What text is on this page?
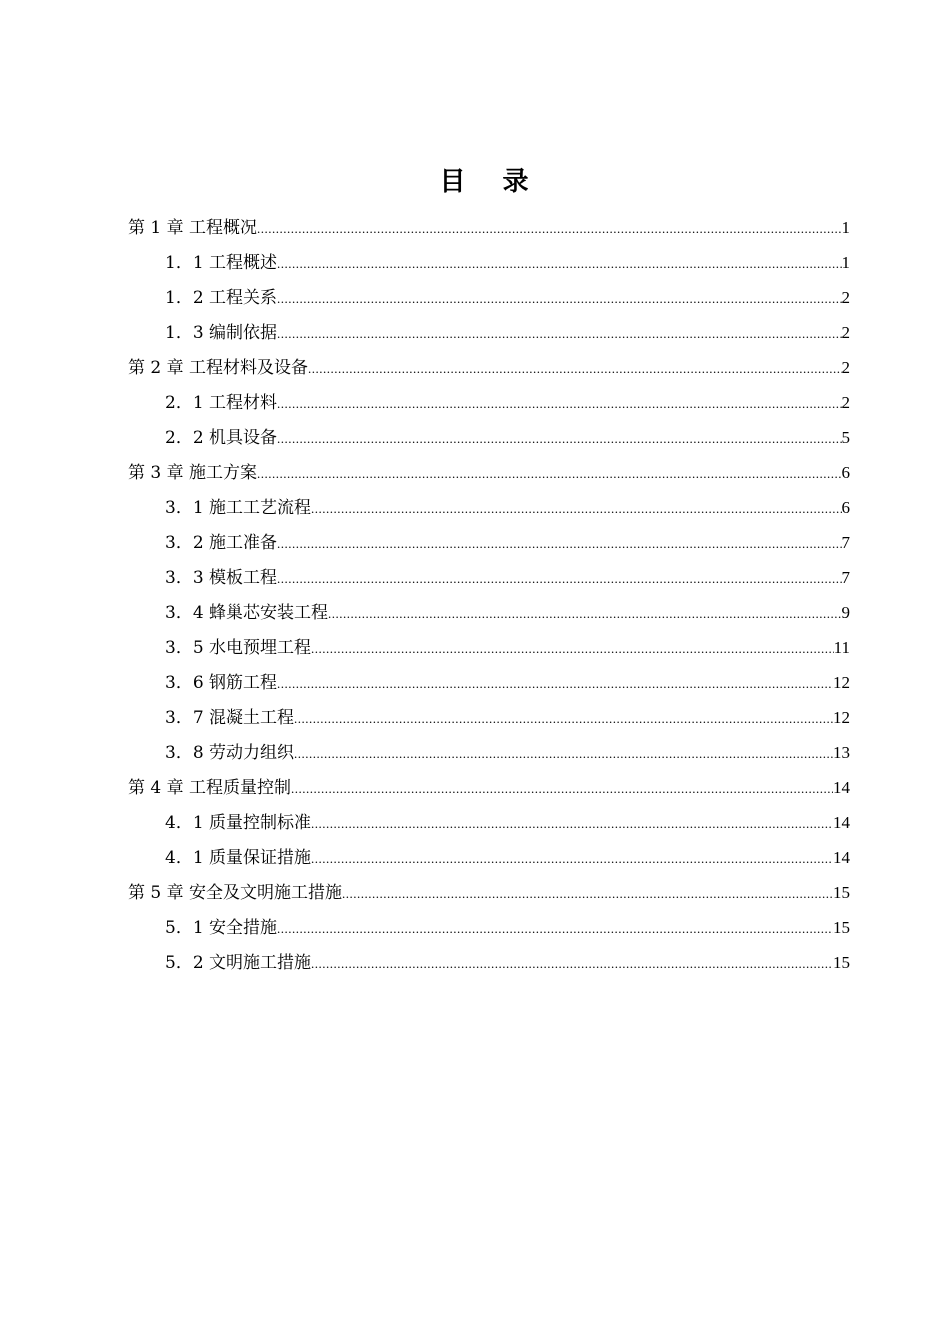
目 录
第 1 章 工程概况 .....	1
1．1 工程概述 .....	1
1．2 工程关系 .....	2
1．3 编制依据 .....	2
第 2 章 工程材料及设备 .....	2
2．1 工程材料 .....	2
2．2 机具设备 .....	5
第 3 章 施工方案 .....	6
3．1 施工工艺流程 .....	6
3．2 施工准备 .....	7
3．3 模板工程 .....	7
3．4 蜂巢芯安装工程 .....	9
3．5 水电预埋工程 .....	11
3．6 钢筋工程 .....	12
3．7 混凝土工程 .....	12
3．8 劳动力组织 .....	13
第 4 章 工程质量控制 .....	14
4．1 质量控制标准 .....	14
4．1 质量保证措施 .....	14
第 5 章 安全及文明施工措施 .....	15
5．1 安全措施 .....	15
5．2 文明施工措施 .....	15
